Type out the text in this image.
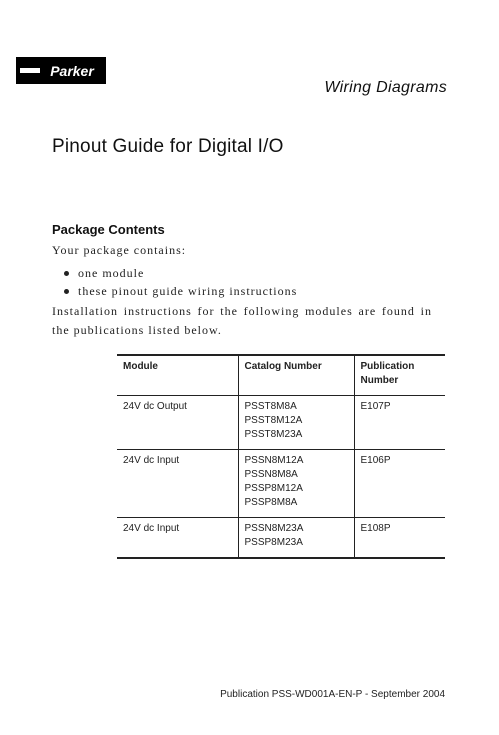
Parker
Wiring Diagrams
Pinout Guide for Digital I/O
Package Contents

Your package contains:

one module
these pinout guide wiring instructions

Installation instructions for the following modules are found in the publications listed below.

Module	Catalog Number	Publication Number
24V dc Output	PSST8M8A
PSST8M12A
PSST8M23A	E107P
24V dc Input	PSSN8M12A
PSSN8M8A
PSSP8M12A
PSSP8M8A	E106P
24V dc Input	PSSN8M23A
PSSP8M23A	E108P
Publication PSS-WD001A-EN-P - September 2004
